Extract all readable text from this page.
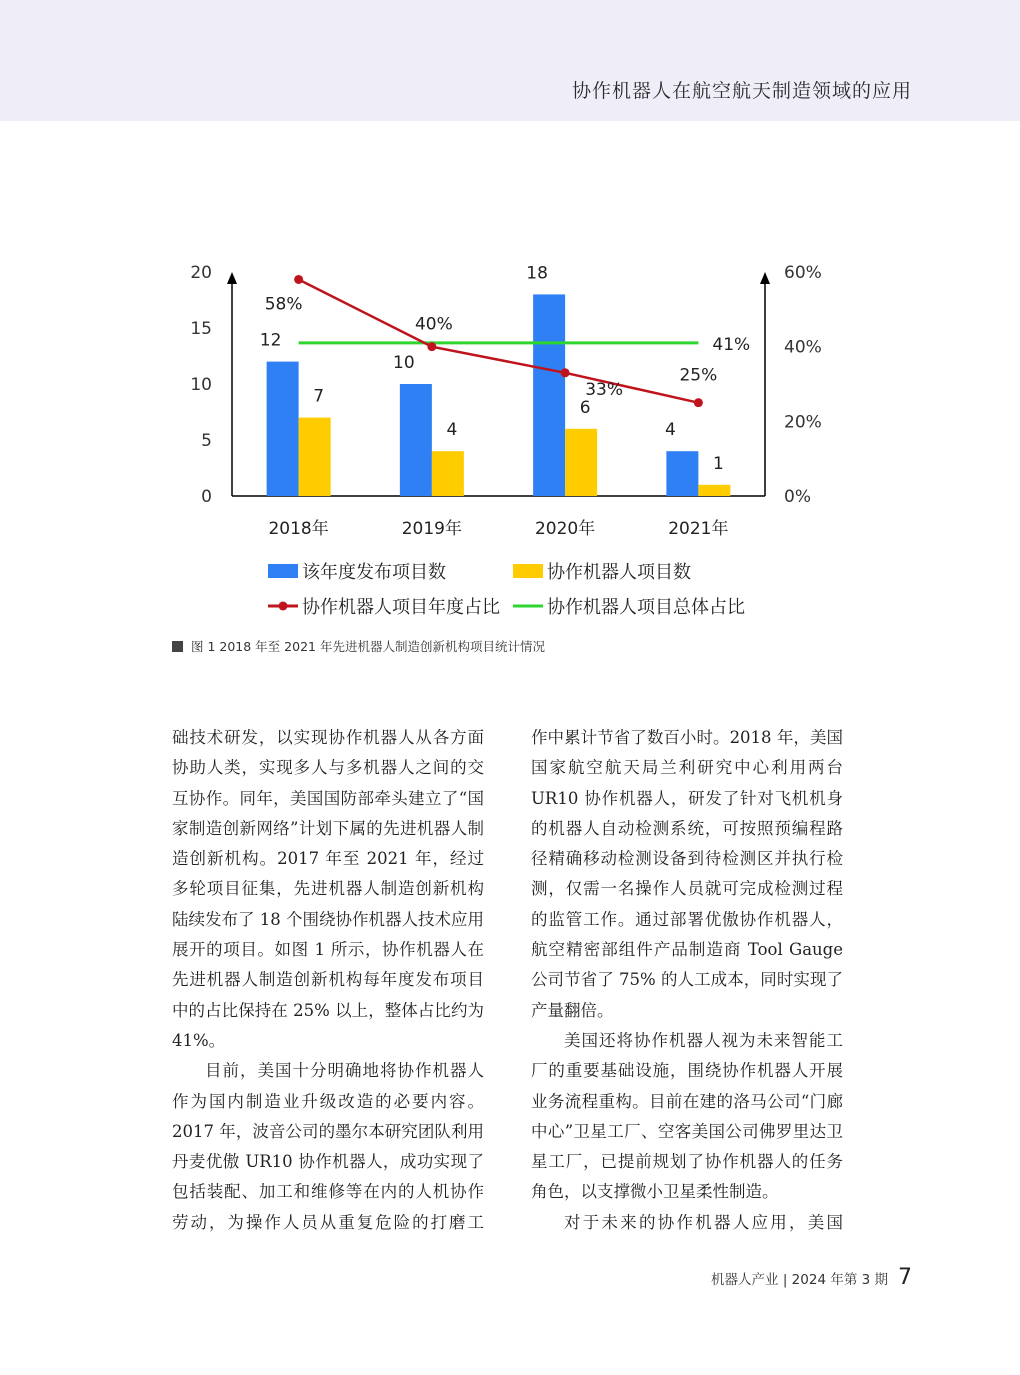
协作机器人在航空航天制造领域的应用
0
5
10
15
20
0%
20%
40%
60%
12
7
2018年
10
4
2019年
18
6
2020年
4
1
2021年
41%
58%
40%
33%
25%
该年度发布项目数	协作机器人项目数
协作机器人项目年度占比	协作机器人项目总体占比
图 1 2018 年至 2021 年先进机器人制造创新机构项目统计情况

础技术研发，以实现协作机器人从各方面协助人类，实现多人与多机器人之间的交互协作。同年，美国国防部牵头建立了“国家制造创新网络”计划下属的先进机器人制造创新机构。2017 年至 2021 年，经过多轮项目征集，先进机器人制造创新机构陆续发布了 18 个围绕协作机器人技术应用展开的项目。如图 1 所示，协作机器人在先进机器人制造创新机构每年度发布项目中的占比保持在 25% 以上，整体占比约为 41%。

目前，美国十分明确地将协作机器人作为国内制造业升级改造的必要内容。2017 年，波音公司的墨尔本研究团队利用丹麦优傲 UR10 协作机器人，成功实现了包括装配、加工和维修等在内的人机协作劳动，为操作人员从重复危险的打磨工

作中累计节省了数百小时。2018 年，美国国家航空航天局兰利研究中心利用两台 UR10 协作机器人，研发了针对飞机机身的机器人自动检测系统，可按照预编程路径精确移动检测设备到待检测区并执行检测，仅需一名操作人员就可完成检测过程的监管工作。通过部署优傲协作机器人，航空精密部组件产品制造商 Tool Gauge 公司节省了 75% 的人工成本，同时实现了产量翻倍。

美国还将协作机器人视为未来智能工厂的重要基础设施，围绕协作机器人开展业务流程重构。目前在建的洛马公司“门廊中心”卫星工厂、空客美国公司佛罗里达卫星工厂，已提前规划了协作机器人的任务角色，以支撑微小卫星柔性制造。

对于未来的协作机器人应用，美国

机器人产业 | 2024 年第 3 期 7
